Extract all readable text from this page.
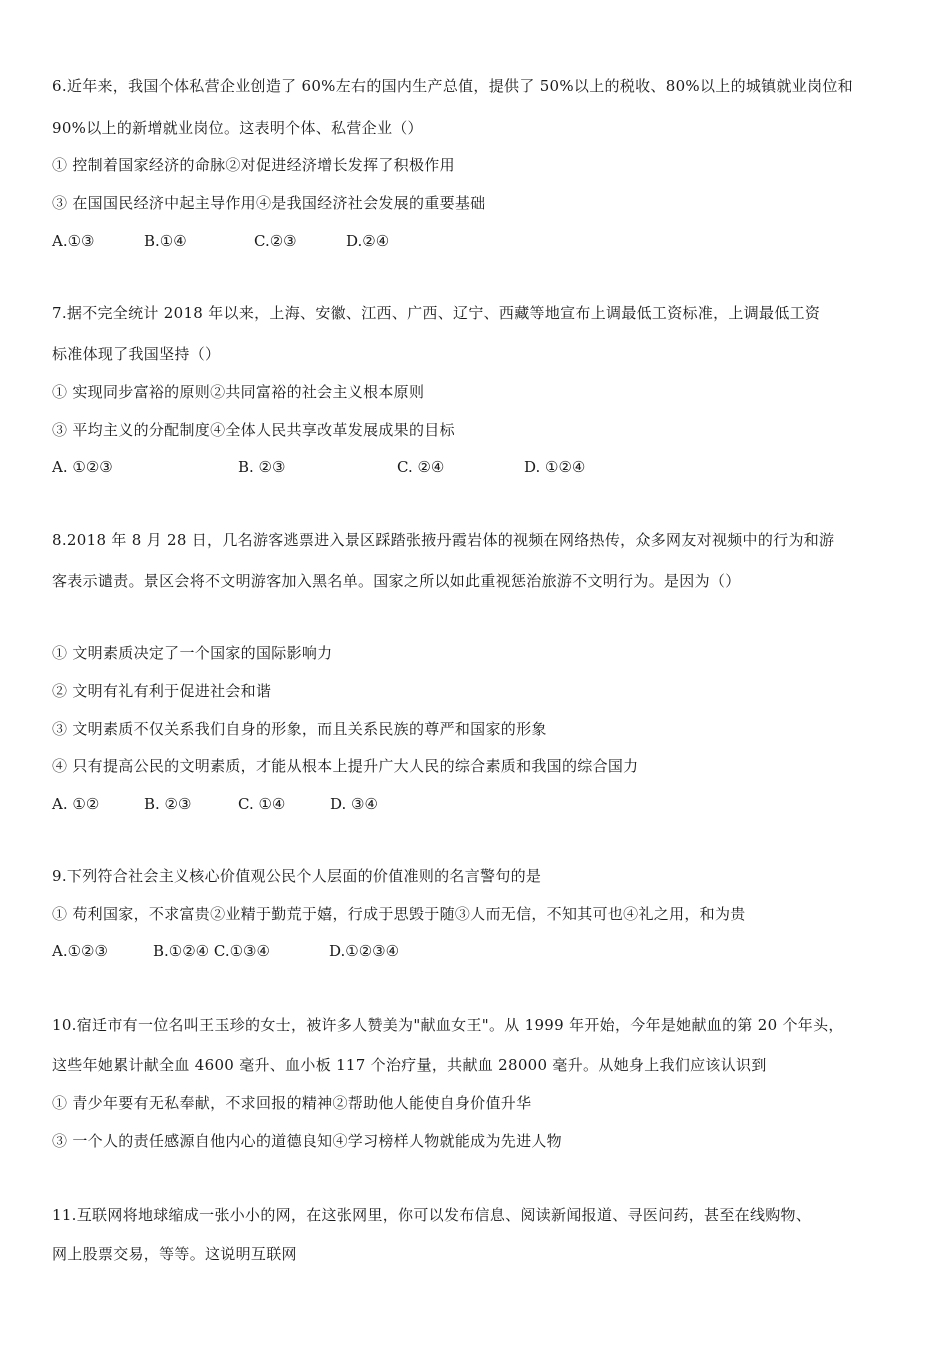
6.近年来，我国个体私营企业创造了 60%左右的国内生产总值，提供了 50%以上的税收、80%以上的城镇就业岗位和
90%以上的新增就业岗位。这表明个体、私营企业（）
① 控制着国家经济的命脉②对促进经济增长发挥了积极作用
③ 在国国民经济中起主导作用④是我国经济社会发展的重要基础
A.①③	B.①④	C.②③	D.②④
7.据不完全统计 2018 年以来，上海、安徽、江西、广西、辽宁、西藏等地宣布上调最低工资标准，上调最低工资
标准体现了我国坚持（）
① 实现同步富裕的原则②共同富裕的社会主义根本原则
③ 平均主义的分配制度④全体人民共享改革发展成果的目标
A. ①②③	B. ②③	C. ②④	D. ①②④
8.2018 年 8 月 28 日，几名游客逃票进入景区踩踏张掖丹霞岩体的视频在网络热传，众多网友对视频中的行为和游
客表示谴责。景区会将不文明游客加入黑名单。国家之所以如此重视惩治旅游不文明行为。是因为（）
① 文明素质决定了一个国家的国际影响力
② 文明有礼有利于促进社会和谐
③ 文明素质不仅关系我们自身的形象，而且关系民族的尊严和国家的形象
④ 只有提高公民的文明素质，才能从根本上提升广大人民的综合素质和我国的综合国力
A. ①②	B. ②③	C. ①④	D. ③④
9.下列符合社会主义核心价值观公民个人层面的价值准则的名言警句的是
① 苟利国家，不求富贵②业精于勤荒于嬉，行成于思毁于随③人而无信，不知其可也④礼之用，和为贵
A.①②③	B.①②④ C.①③④	D.①②③④
10.宿迁市有一位名叫王玉珍的女士，被许多人赞美为"献血女王"。从 1999 年开始，今年是她献血的第 20 个年头，
这些年她累计献全血 4600 毫升、血小板 117 个治疗量，共献血 28000 毫升。从她身上我们应该认识到
① 青少年要有无私奉献，不求回报的精神②帮助他人能使自身价值升华
③ 一个人的责任感源自他内心的道德良知④学习榜样人物就能成为先进人物
11.互联网将地球缩成一张小小的网，在这张网里，你可以发布信息、阅读新闻报道、寻医问药，甚至在线购物、
网上股票交易，等等。这说明互联网
